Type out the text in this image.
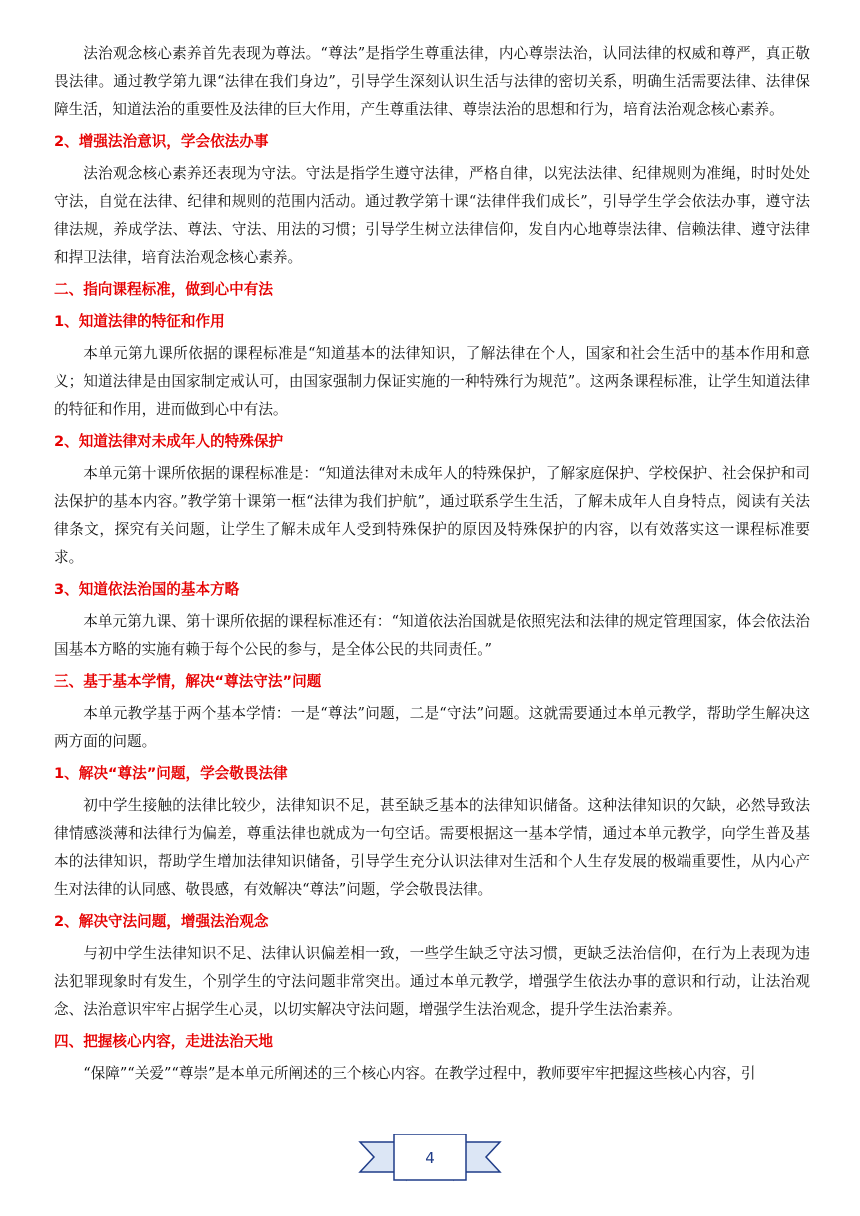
法治观念核心素养首先表现为尊法。“尊法”是指学生尊重法律，内心尊崇法治，认同法律的权威和尊严，真正敬畏法律。通过教学第九课“法律在我们身边”，引导学生深刻认识生活与法律的密切关系，明确生活需要法律、法律保障生活，知道法治的重要性及法律的巨大作用，产生尊重法律、尊崇法治的思想和行为，培育法治观念核心素养。

2、增强法治意识，学会依法办事

法治观念核心素养还表现为守法。守法是指学生遵守法律，严格自律，以宪法法律、纪律规则为准绳，时时处处守法，自觉在法律、纪律和规则的范围内活动。通过教学第十课“法律伴我们成长”，引导学生学会依法办事，遵守法律法规，养成学法、尊法、守法、用法的习惯；引导学生树立法律信仰，发自内心地尊崇法律、信赖法律、遵守法律和捍卫法律，培育法治观念核心素养。

二、指向课程标准，做到心中有法
1、知道法律的特征和作用

本单元第九课所依据的课程标准是“知道基本的法律知识，了解法律在个人，国家和社会生活中的基本作用和意义；知道法律是由国家制定戒认可，由国家强制力保证实施的一种特殊行为规范”。这两条课程标准，让学生知道法律的特征和作用，进而做到心中有法。

2、知道法律对未成年人的特殊保护

本单元第十课所依据的课程标准是：“知道法律对未成年人的特殊保护，了解家庭保护、学校保护、社会保护和司法保护的基本内容。”教学第十课第一框“法律为我们护航”，通过联系学生生活，了解未成年人自身特点，阅读有关法律条文，探究有关问题，让学生了解未成年人受到特殊保护的原因及特殊保护的内容，以有效落实这一课程标准要求。

3、知道依法治国的基本方略

本单元第九课、第十课所依据的课程标准还有：“知道依法治国就是依照宪法和法律的规定管理国家，体会依法治国基本方略的实施有赖于每个公民的参与，是全体公民的共同责任。”

三、基于基本学情，解决“尊法守法”问题

本单元教学基于两个基本学情：一是“尊法”问题，二是“守法”问题。这就需要通过本单元教学，帮助学生解决这两方面的问题。

1、解决“尊法”问题，学会敬畏法律

初中学生接触的法律比较少，法律知识不足，甚至缺乏基本的法律知识储备。这种法律知识的欠缺，必然导致法律情感淡薄和法律行为偏差，尊重法律也就成为一句空话。需要根据这一基本学情，通过本单元教学，向学生普及基本的法律知识，帮助学生增加法律知识储备，引导学生充分认识法律对生活和个人生存发展的极端重要性，从内心产生对法律的认同感、敬畏感，有效解决“尊法”问题，学会敬畏法律。

2、解决守法问题，增强法治观念

与初中学生法律知识不足、法律认识偏差相一致，一些学生缺乏守法习惯，更缺乏法治信仰，在行为上表现为违法犯罪现象时有发生，个别学生的守法问题非常突出。通过本单元教学，增强学生依法办事的意识和行动，让法治观念、法治意识牢牢占据学生心灵，以切实解决守法问题，增强学生法治观念，提升学生法治素养。

四、把握核心内容，走进法治天地

“保障”“关爱”“尊崇”是本单元所阐述的三个核心内容。在教学过程中，教师要牢牢把握这些核心内容，引

4
